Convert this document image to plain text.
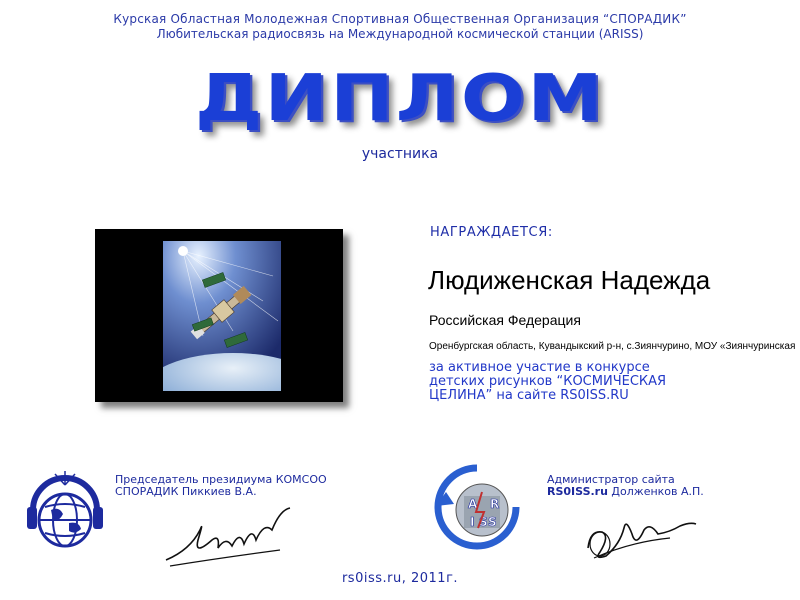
Курская Областная Молодежная Спортивная Общественная Организация “СПОРАДИК”
Любительская радиосвязь на Международной космической станции (ARISS)
ДИПЛОМ
участника
НАГРАЖДАЕТСЯ:
Людиженская Надежда
Российская Федерация
Оренбургская область, Кувандыкский р-н, с.Зиянчурино, МОУ «Зиянчуринская
за активное участие в конкурсе
детских рисунков “КОСМИЧЕСКАЯ
ЦЕЛИНА” на сайте RS0ISS.RU
Председатель президиума КОМСОО
СПОРАДИК Пиккиев В.А.
A R
I S S
Администратор сайта
RS0ISS.ru Долженков А.П.
rs0iss.ru, 2011г.
